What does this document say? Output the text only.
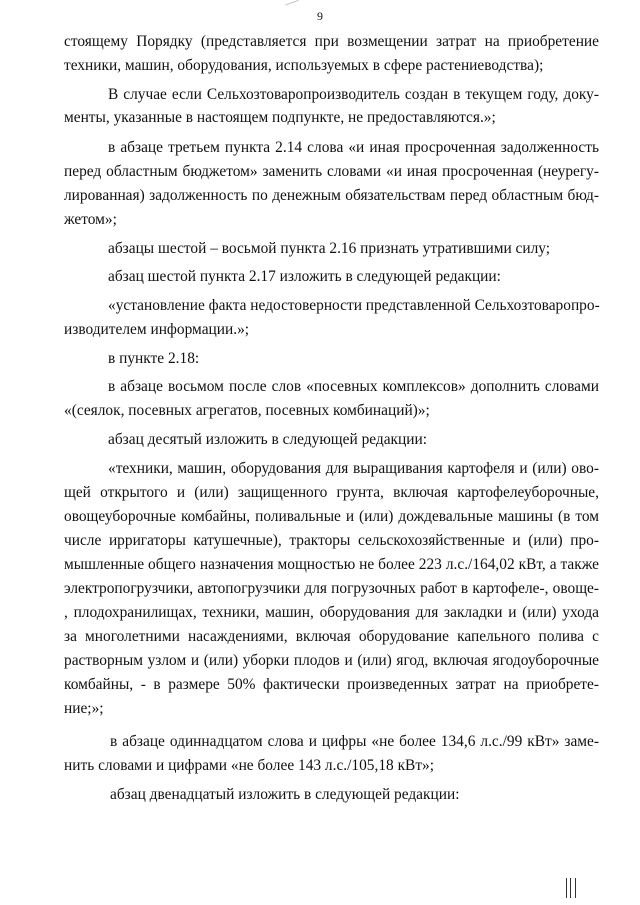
9
стоящему Порядку (представляется при возмещении затрат на приобретение
техники, машин, оборудования, используемых в сфере растениеводства);
В случае если Сельхозтоваропроизводитель создан в текущем году, доку-
менты, указанные в настоящем подпункте, не предоставляются.»;
в абзаце третьем пункта 2.14 слова «и иная просроченная задолженность
перед областным бюджетом» заменить словами «и иная просроченная (неурегу-
лированная) задолженность по денежным обязательствам перед областным бюд-
жетом»;
абзацы шестой – восьмой пункта 2.16 признать утратившими силу;
абзац шестой пункта 2.17 изложить в следующей редакции:
«установление факта недостоверности представленной Сельхозтоваропро-
изводителем информации.»;
в пункте 2.18:
в абзаце восьмом после слов «посевных комплексов» дополнить словами
«(сеялок, посевных агрегатов, посевных комбинаций)»;
абзац десятый изложить в следующей редакции:
«техники, машин, оборудования для выращивания картофеля и (или) ово-
щей открытого и (или) защищенного грунта, включая картофелеуборочные,
овощеуборочные комбайны, поливальные и (или) дождевальные машины (в том
числе ирригаторы катушечные), тракторы сельскохозяйственные и (или) про-
мышленные общего назначения мощностью не более 223 л.с./164,02 кВт, а также
электропогрузчики, автопогрузчики для погрузочных работ в картофеле-, овоще-
, плодохранилищах, техники, машин, оборудования для закладки и (или) ухода
за многолетними насаждениями, включая оборудование капельного полива с
растворным узлом и (или) уборки плодов и (или) ягод, включая ягодоуборочные
комбайны, - в размере 50% фактически произведенных затрат на приобрете-
ние;»;
в абзаце одиннадцатом слова и цифры «не более 134,6 л.с./99 кВт» заме-
нить словами и цифрами «не более 143 л.с./105,18 кВт»;
абзац двенадцатый изложить в следующей редакции:
